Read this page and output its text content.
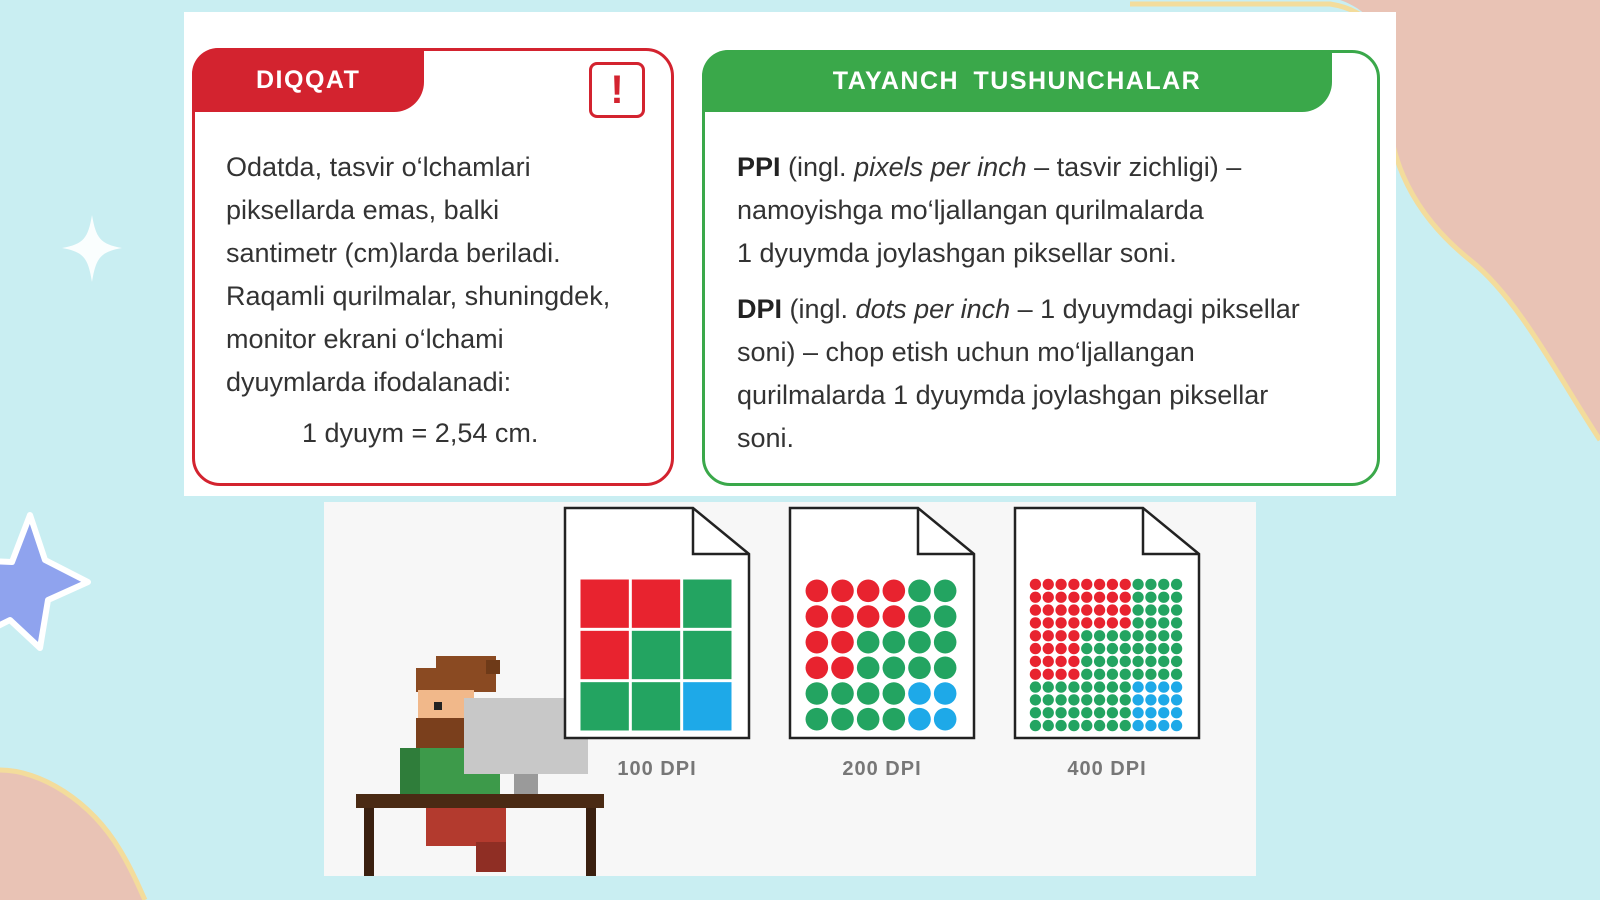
DIQQAT	!
Odatda, tasvir o‘lchamlari
piksellarda emas, balki
santimetr (cm)larda beriladi.
Raqamli qurilmalar, shuningdek,
monitor ekrani o‘lchami
dyuymlarda ifodalanadi:
1 dyuym = 2,54 cm.
TAYANCH TUSHUNCHALAR
PPI (ingl. pixels per inch – tasvir zichligi) –
namoyishga mo‘ljallangan qurilmalarda
1 dyuymda joylashgan piksellar soni.
DPI (ingl. dots per inch – 1 dyuymdagi piksellar
soni) – chop etish uchun mo‘ljallangan
qurilmalarda 1 dyuymda joylashgan piksellar
soni.
100 DPI	200 DPI	400 DPI
